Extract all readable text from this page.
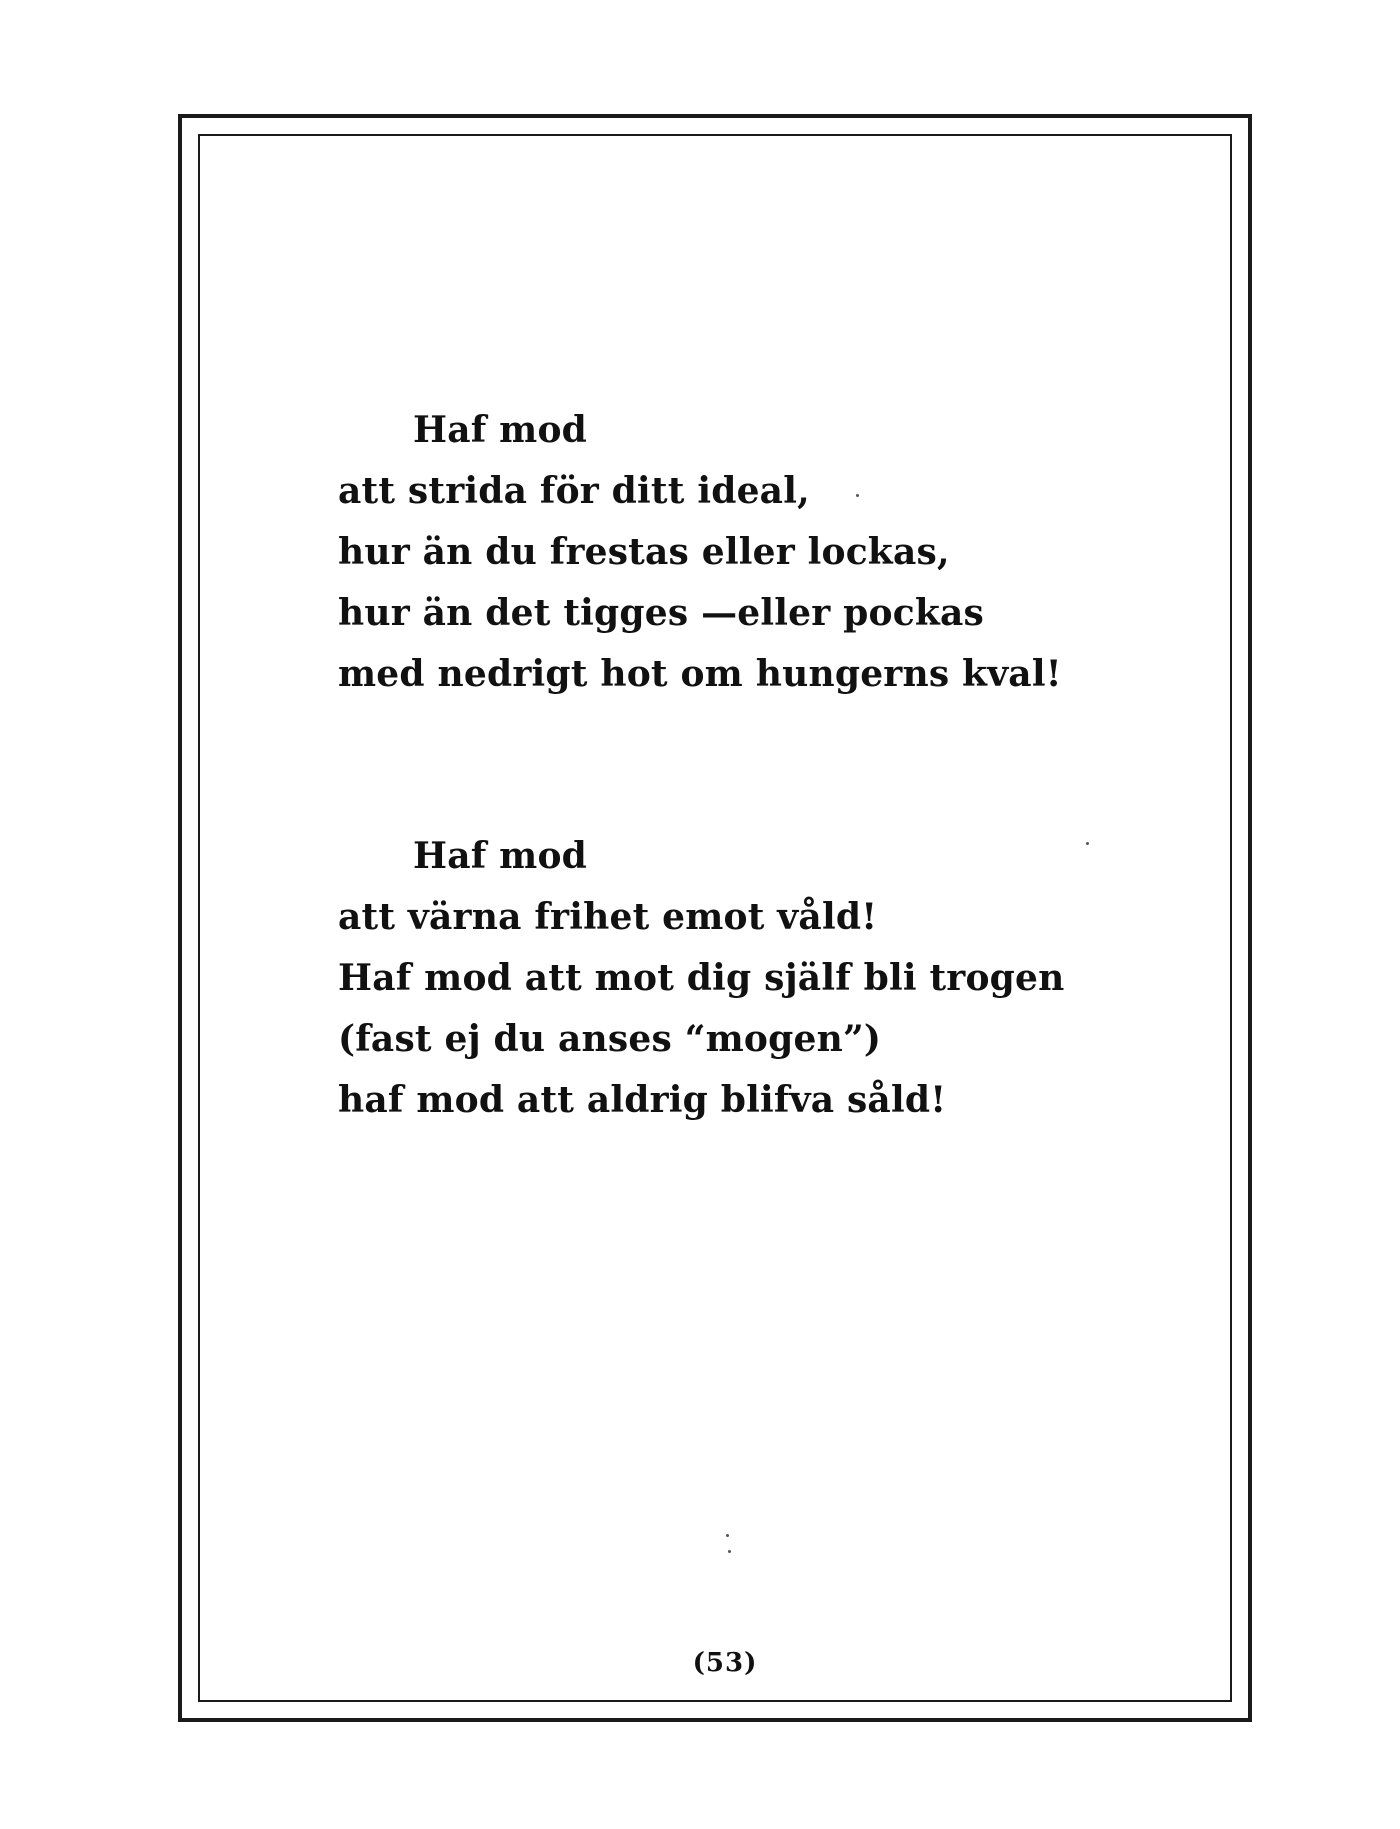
Haf mod
att strida för ditt ideal,
hur än du frestas eller lockas,
hur än det tigges —eller pockas
med nedrigt hot om hungerns kval!
Haf mod
att värna frihet emot våld!
Haf mod att mot dig själf bli trogen
(fast ej du anses “mogen”)
haf mod att aldrig blifva såld!
(53)
